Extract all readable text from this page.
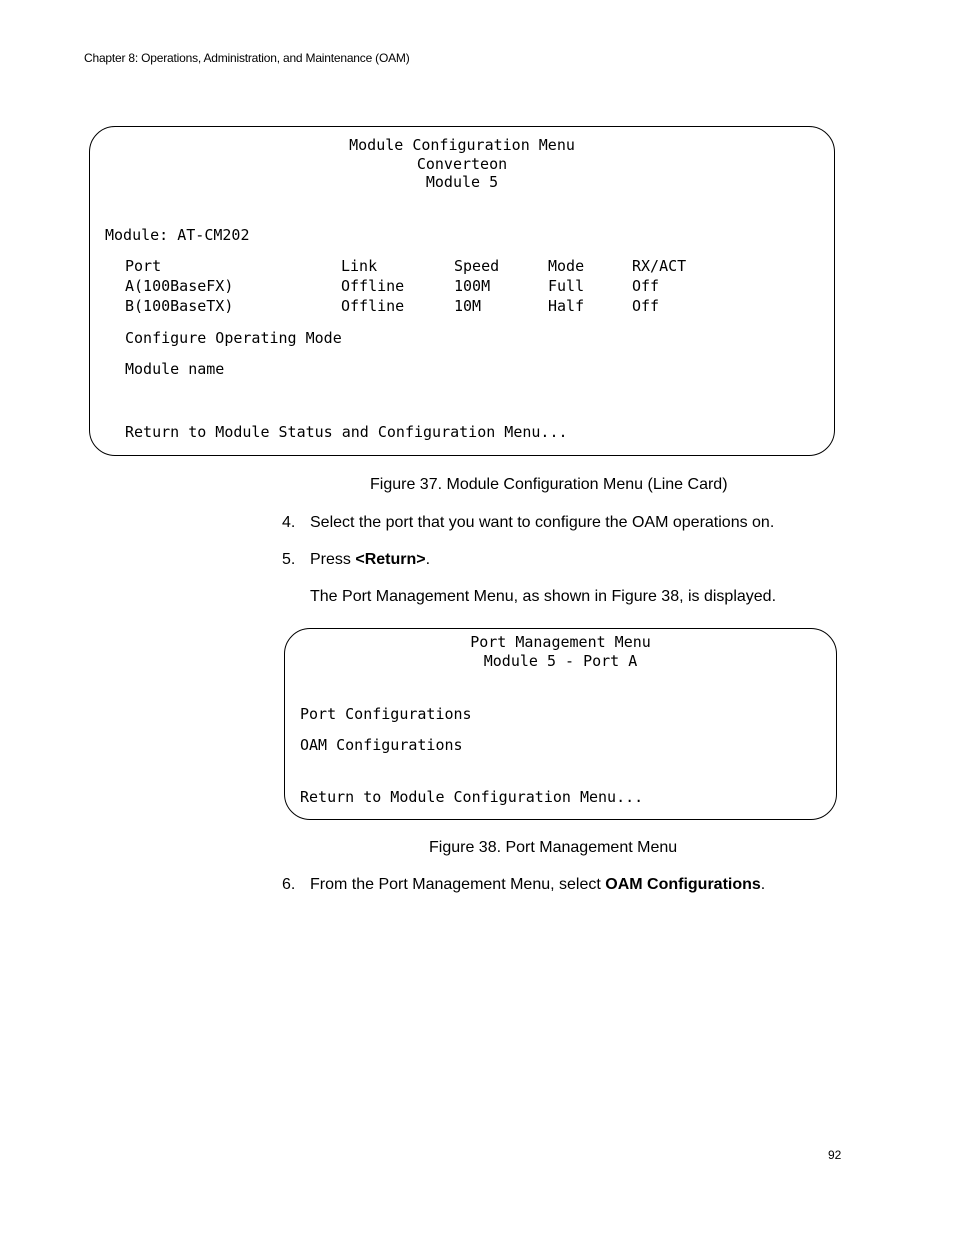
Chapter 8: Operations, Administration, and Maintenance (OAM)
Module Configuration Menu
Converteon
Module 5
Module: AT-CM202
Port	Link	Speed	Mode	RX/ACT
A(100BaseFX)	Offline	100M	Full	Off
B(100BaseTX)	Offline	10M	Half	Off
Configure Operating Mode
Module name
Return to Module Status and Configuration Menu...
Figure 37. Module Configuration Menu (Line Card)
4. Select the port that you want to configure the OAM operations on.
5. Press <Return>.
The Port Management Menu, as shown in Figure 38, is displayed.
Port Management Menu
Module 5 - Port A
Port Configurations
OAM Configurations
Return to Module Configuration Menu...
Figure 38. Port Management Menu
6. From the Port Management Menu, select OAM Configurations.
92
